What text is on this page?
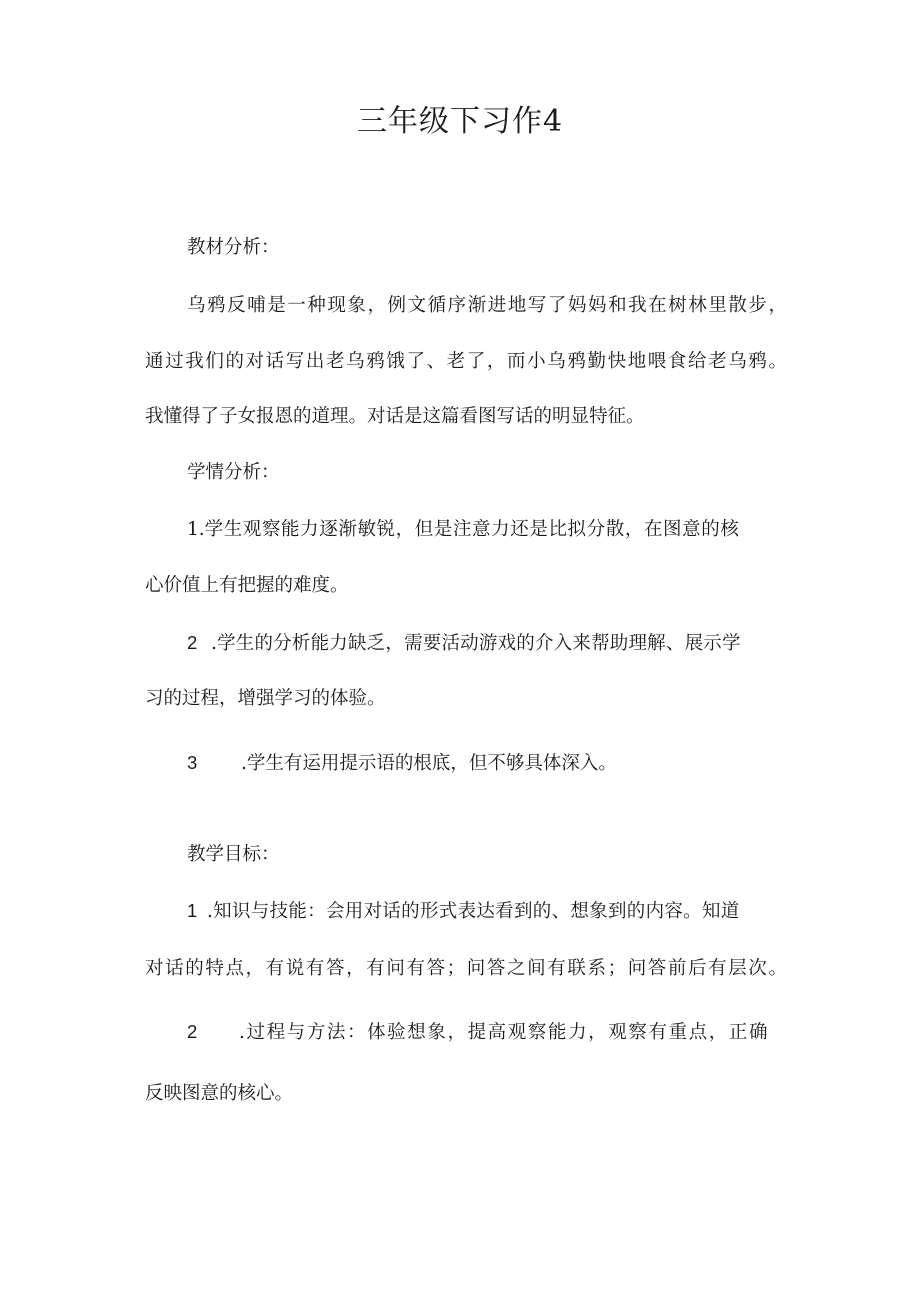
三年级下习作4
教材分析：
乌鸦反哺是一种现象，例文循序渐进地写了妈妈和我在树林里散步，
通过我们的对话写出老乌鸦饿了、老了，而小乌鸦勤快地喂食给老乌鸦。
我懂得了子女报恩的道理。对话是这篇看图写话的明显特征。
学情分析：
1.学生观察能力逐渐敏锐，但是注意力还是比拟分散，在图意的核
心价值上有把握的难度。
2 .学生的分析能力缺乏，需要活动游戏的介入来帮助理解、展示学
习的过程，增强学习的体验。
3 .学生有运用提示语的根底，但不够具体深入。
教学目标：
1 .知识与技能：会用对话的形式表达看到的、想象到的内容。知道
对话的特点，有说有答，有问有答；问答之间有联系；问答前后有层次。
2 .过程与方法：体验想象，提高观察能力，观察有重点，正确
反映图意的核心。
